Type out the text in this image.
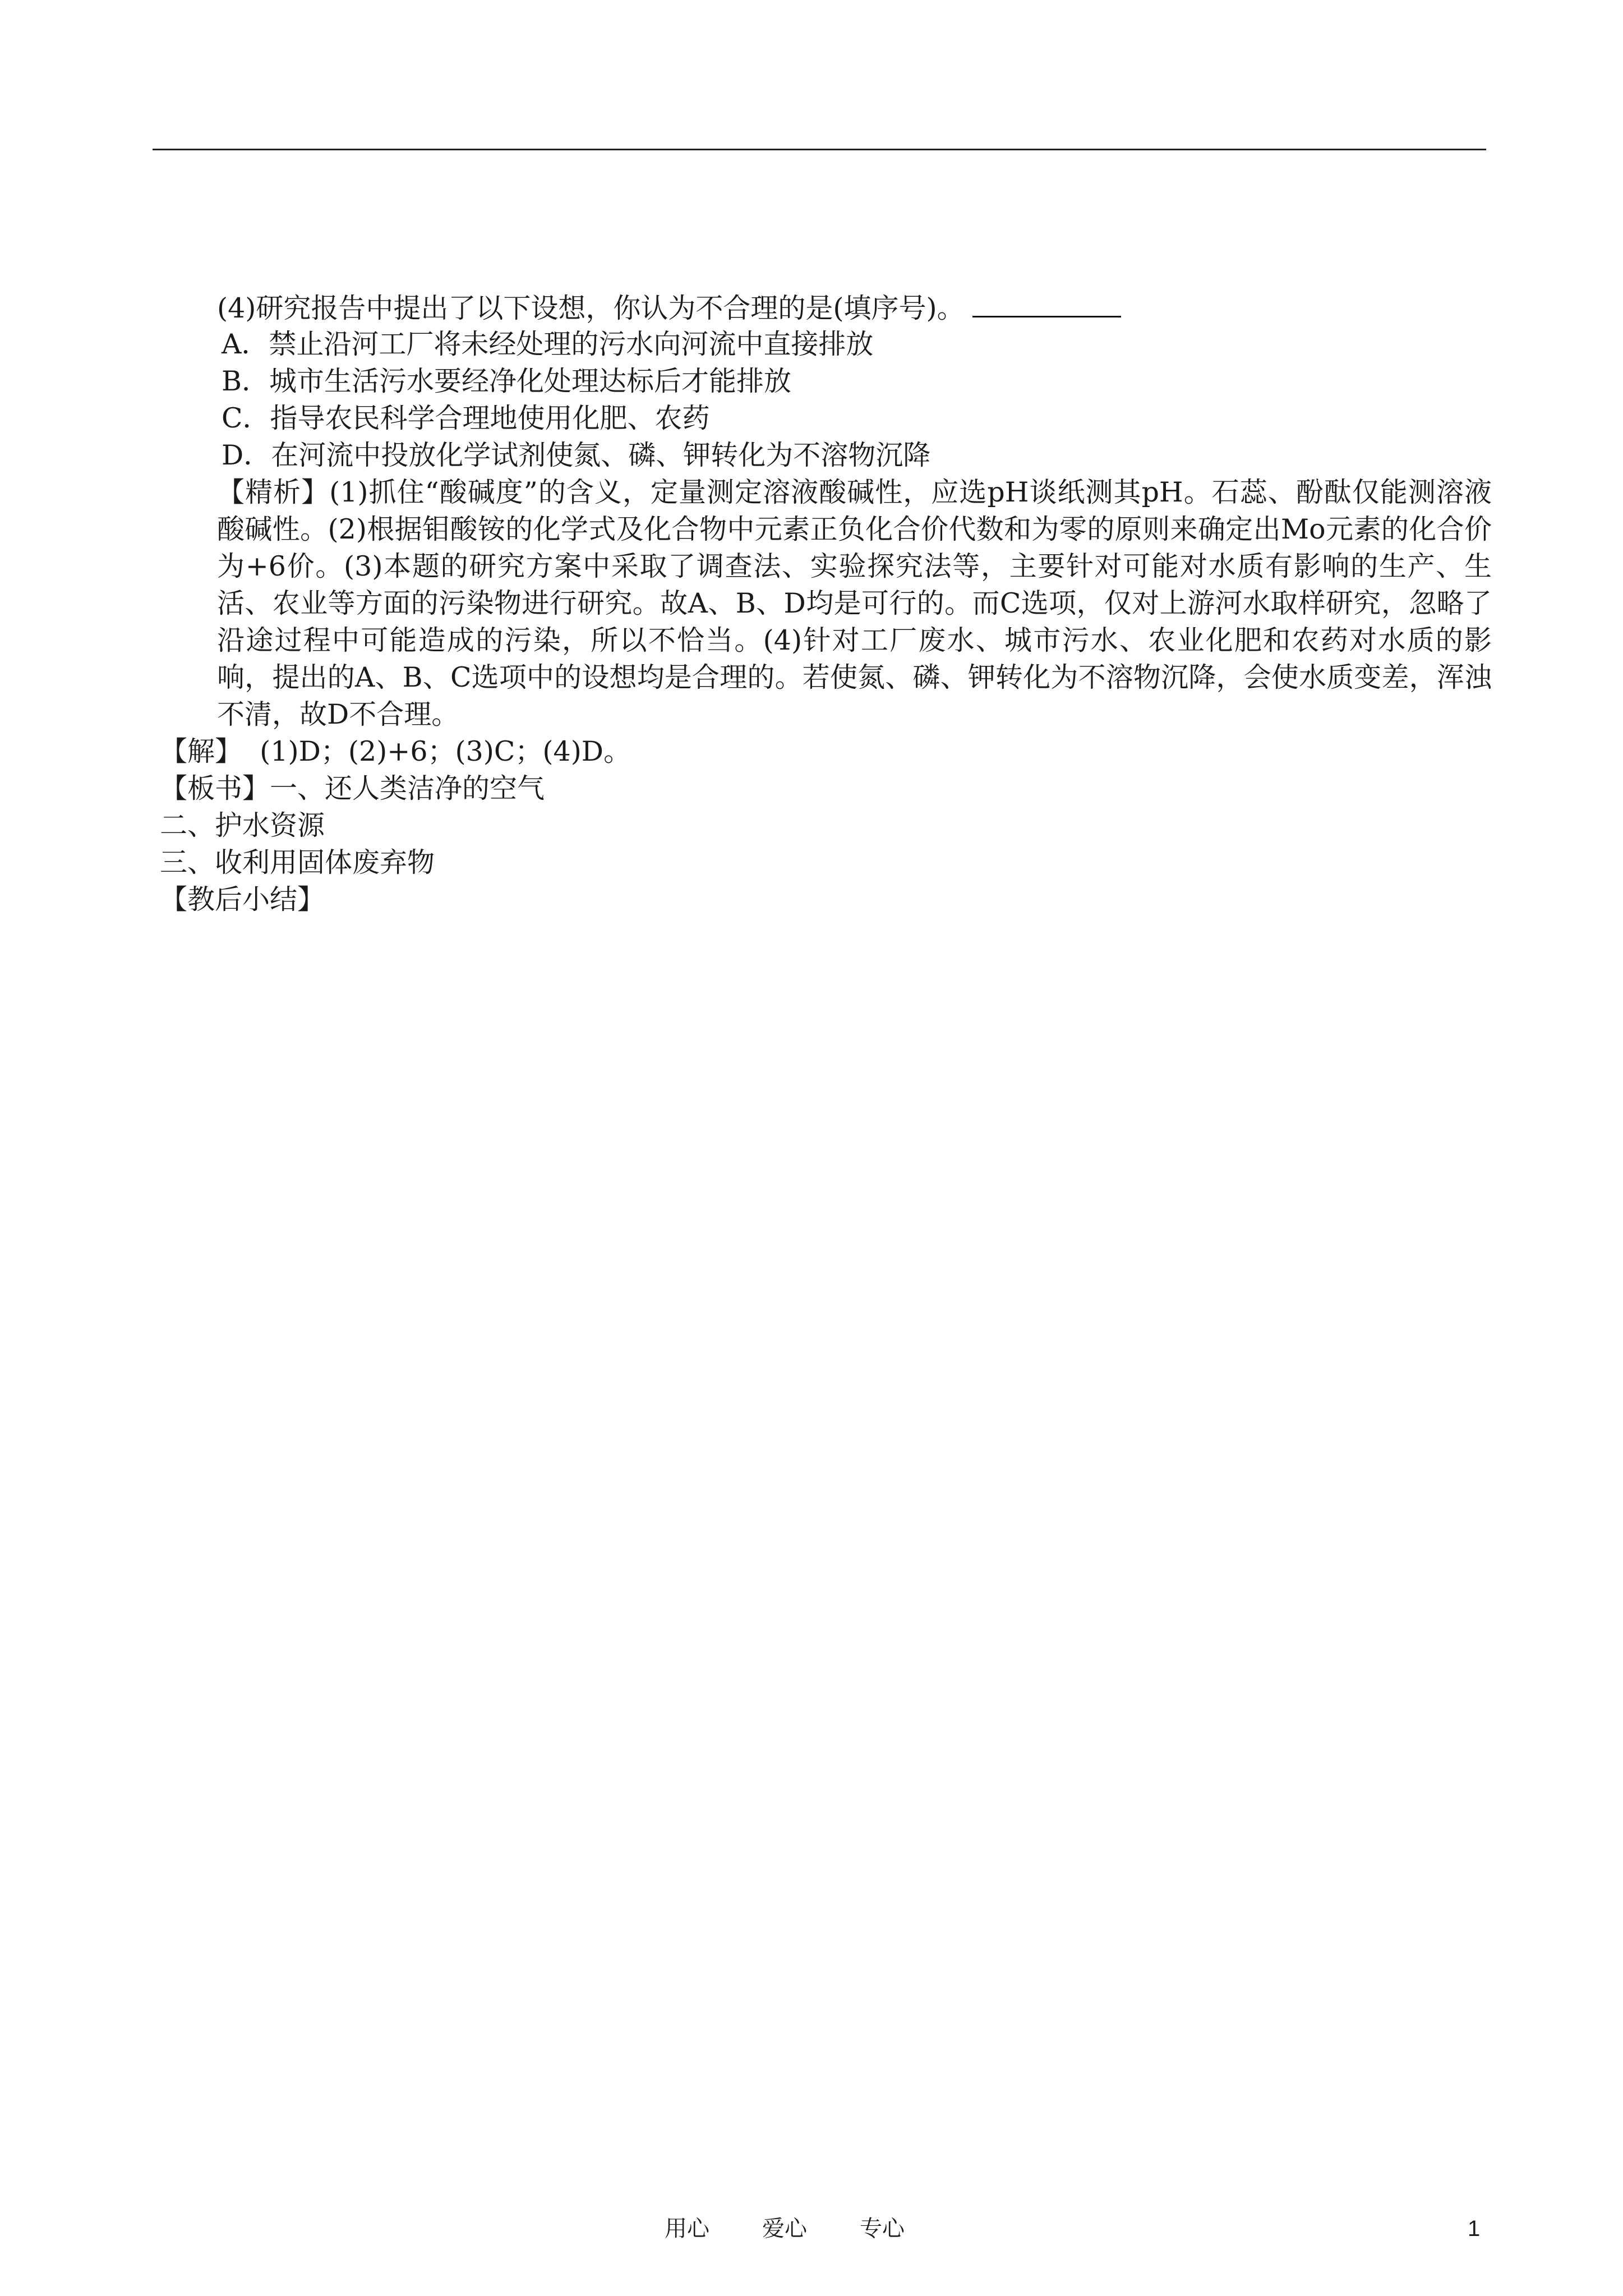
(4)研究报告中提出了以下设想，你认为不合理的是(填序号)。
A．禁止沿河工厂将未经处理的污水向河流中直接排放
B．城市生活污水要经净化处理达标后才能排放
C．指导农民科学合理地使用化肥、农药
D．在河流中投放化学试剂使氮、磷、钾转化为不溶物沉降
【精析】(1)抓住“酸碱度”的含义，定量测定溶液酸碱性，应选pH谈纸测其pH。石蕊、酚酞仅能测溶液酸碱性。(2)根据钼酸铵的化学式及化合物中元素正负化合价代数和为零的原则来确定出Mo元素的化合价为+6价。(3)本题的研究方案中采取了调查法、实验探究法等，主要针对可能对水质有影响的生产、生活、农业等方面的污染物进行研究。故A、B、D均是可行的。而C选项，仅对上游河水取样研究，忽略了沿途过程中可能造成的污染，所以不恰当。(4)针对工厂废水、城市污水、农业化肥和农药对水质的影响，提出的A、B、C选项中的设想均是合理的。若使氮、磷、钾转化为不溶物沉降，会使水质变差，浑浊不清，故D不合理。
【解】  (1)D；(2)+6；(3)C；(4)D。
【板书】一、还人类洁净的空气
二、护水资源
三、收利用固体废弃物
【教后小结】
用心 爱心 专心	1
